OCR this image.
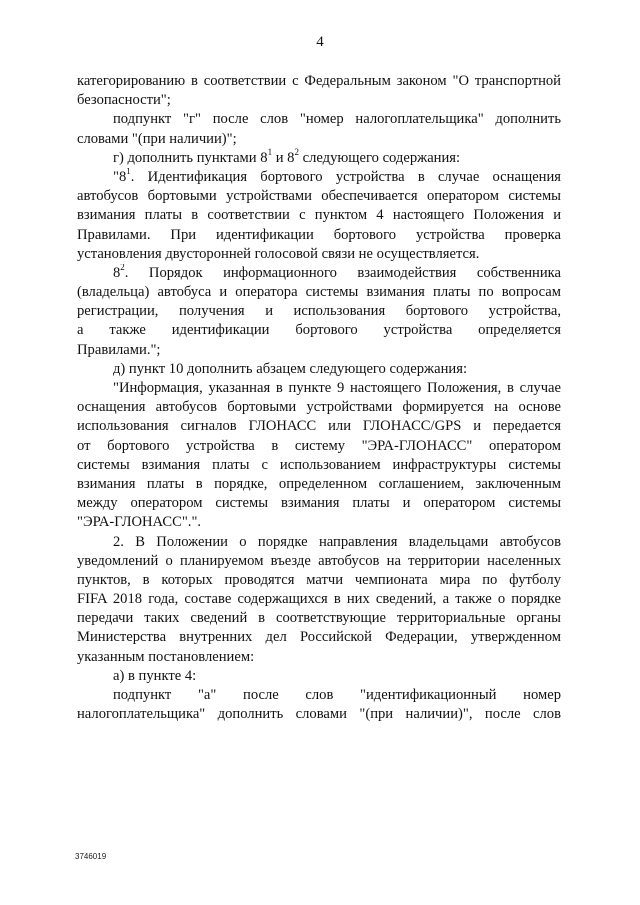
4
категорированию в соответствии с Федеральным законом "О транспортной
безопасности";
подпункт "г" после слов "номер налогоплательщика" дополнить
словами "(при наличии)";
г) дополнить пунктами $8^1$ и $8^2$ следующего содержания:
"$8^1$. Идентификация бортового устройства в случае оснащения
автобусов бортовыми устройствами обеспечивается оператором системы
взимания платы в соответствии с пунктом 4 настоящего Положения и
Правилами. При идентификации бортового устройства проверка
установления двусторонней голосовой связи не осуществляется.
$8^2$. Порядок информационного взаимодействия собственника
(владельца) автобуса и оператора системы взимания платы по вопросам
регистрации, получения и использования бортового устройства,
а также идентификации бортового устройства определяется
Правилами.";
д) пункт 10 дополнить абзацем следующего содержания:
"Информация, указанная в пункте 9 настоящего Положения, в случае
оснащения автобусов бортовыми устройствами формируется на основе
использования сигналов ГЛОНАСС или ГЛОНАСС/GPS и передается
от бортового устройства в систему "ЭРА-ГЛОНАСС" оператором
системы взимания платы с использованием инфраструктуры системы
взимания платы в порядке, определенном соглашением, заключенным
между оператором системы взимания платы и оператором системы
"ЭРА-ГЛОНАСС".".
2. В Положении о порядке направления владельцами автобусов
уведомлений о планируемом въезде автобусов на территории населенных
пунктов, в которых проводятся матчи чемпионата мира по футболу
FIFA 2018 года, составе содержащихся в них сведений, а также о порядке
передачи таких сведений в соответствующие территориальные органы
Министерства внутренних дел Российской Федерации, утвержденном
указанным постановлением:
а) в пункте 4:
подпункт "а" после слов "идентификационный номер
налогоплательщика" дополнить словами "(при наличии)", после слов
3746019
